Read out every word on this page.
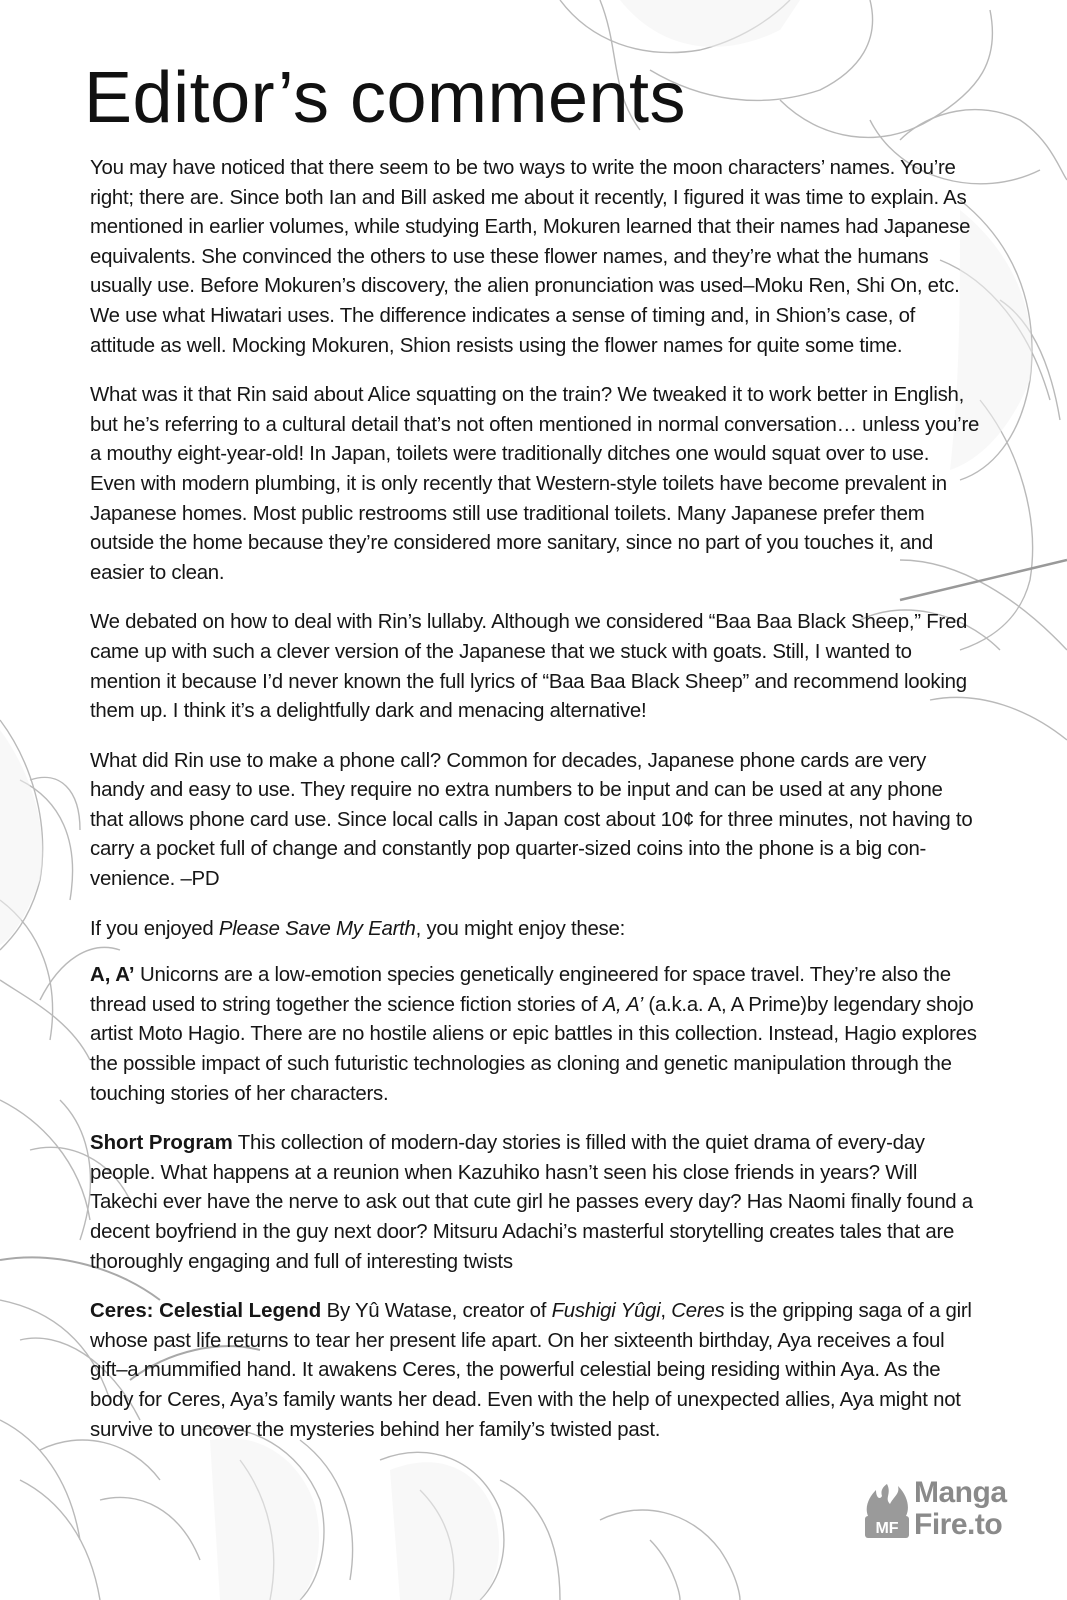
Editor’s comments

You may have noticed that there seem to be two ways to write the moon characters’ names. You’re right; there are. Since both Ian and Bill asked me about it recently, I figured it was time to explain. As mentioned in earlier volumes, while studying Earth, Mokuren learned that their names had Japanese equivalents. She convinced the others to use these flower names, and they’re what the humans usually use. Before Mokuren’s discovery, the alien pronunciation was used–Moku Ren, Shi On, etc. We use what Hiwatari uses. The difference indicates a sense of timing and, in Shion’s case, of attitude as well. Mocking Mokuren, Shion resists using the flower names for quite some time.

What was it that Rin said about Alice squatting on the train? We tweaked it to work better in English, but he’s referring to a cultural detail that’s not often mentioned in normal conversation… unless you’re a mouthy eight-year-old! In Japan, toilets were traditionally ditches one would squat over to use. Even with modern plumbing, it is only recently that Western-style toilets have become prevalent in Japanese homes. Most public restrooms still use traditional toilets. Many Japanese prefer them outside the home because they’re considered more sanitary, since no part of you touches it, and easier to clean.

We debated on how to deal with Rin’s lullaby. Although we considered “Baa Baa Black Sheep,” Fred came up with such a clever version of the Japanese that we stuck with goats. Still, I wanted to mention it because I’d never known the full lyrics of “Baa Baa Black Sheep” and recommend looking them up. I think it’s a delightfully dark and menacing alternative!

What did Rin use to make a phone call? Common for decades, Japanese phone cards are very handy and easy to use. They require no extra numbers to be input and can be used at any phone that allows phone card use. Since local calls in Japan cost about 10¢ for three minutes, not having to carry a pocket full of change and constantly pop quarter-sized coins into the phone is a big con-venience. –PD

If you enjoyed Please Save My Earth, you might enjoy these:

A, A’ Unicorns are a low-emotion species genetically engineered for space travel. They’re also the thread used to string together the science fiction stories of A, A’ (a.k.a. A, A Prime)by legendary shojo artist Moto Hagio. There are no hostile aliens or epic battles in this collection. Instead, Hagio explores the possible impact of such futuristic technologies as cloning and genetic manipulation through the touching stories of her characters.

Short Program This collection of modern-day stories is filled with the quiet drama of every-day people. What happens at a reunion when Kazuhiko hasn’t seen his close friends in years? Will Takechi ever have the nerve to ask out that cute girl he passes every day? Has Naomi finally found a decent boyfriend in the guy next door? Mitsuru Adachi’s masterful storytelling creates tales that are thoroughly engaging and full of interesting twists

Ceres: Celestial Legend By Yû Watase, creator of Fushigi Yûgi, Ceres is the gripping saga of a girl whose past life returns to tear her present life apart. On her sixteenth birthday, Aya receives a foul gift–a mummified hand. It awakens Ceres, the powerful celestial being residing within Aya. As the body for Ceres, Aya’s family wants her dead. Even with the help of unexpected allies, Aya might not survive to uncover the mysteries behind her family’s twisted past.

MF
Manga
Fire.to
